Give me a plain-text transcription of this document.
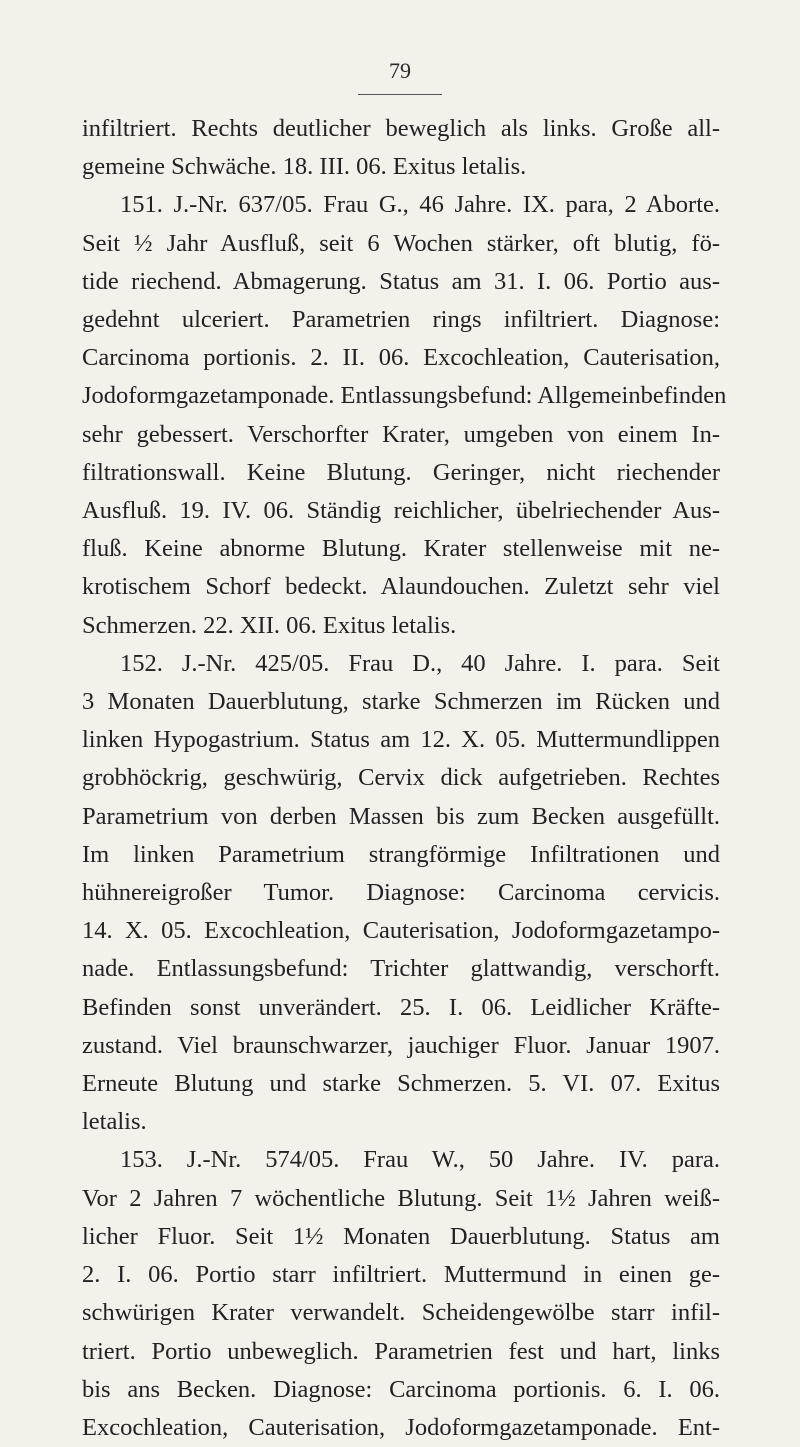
79
infiltriert. Rechts deutlicher beweglich als links. Große all-
gemeine Schwäche. 18. III. 06. Exitus letalis.
151. J.-Nr. 637/05. Frau G., 46 Jahre. IX. para, 2 Aborte.
Seit ½ Jahr Ausfluß, seit 6 Wochen stärker, oft blutig, fö-
tide riechend. Abmagerung. Status am 31. I. 06. Portio aus-
gedehnt ulceriert. Parametrien rings infiltriert. Diagnose:
Carcinoma portionis. 2. II. 06. Excochleation, Cauterisation,
Jodoformgazetamponade. Entlassungsbefund: Allgemeinbefinden
sehr gebessert. Verschorfter Krater, umgeben von einem In-
filtrationswall. Keine Blutung. Geringer, nicht riechender
Ausfluß. 19. IV. 06. Ständig reichlicher, übelriechender Aus-
fluß. Keine abnorme Blutung. Krater stellenweise mit ne-
krotischem Schorf bedeckt. Alaundouchen. Zuletzt sehr viel
Schmerzen. 22. XII. 06. Exitus letalis.
152. J.-Nr. 425/05. Frau D., 40 Jahre. I. para. Seit
3 Monaten Dauerblutung, starke Schmerzen im Rücken und
linken Hypogastrium. Status am 12. X. 05. Muttermundlippen
grobhöckrig, geschwürig, Cervix dick aufgetrieben. Rechtes
Parametrium von derben Massen bis zum Becken ausgefüllt.
Im linken Parametrium strangförmige Infiltrationen und
hühnereigroßer Tumor. Diagnose: Carcinoma cervicis.
14. X. 05. Excochleation, Cauterisation, Jodoformgazetampo-
nade. Entlassungsbefund: Trichter glattwandig, verschorft.
Befinden sonst unverändert. 25. I. 06. Leidlicher Kräfte-
zustand. Viel braunschwarzer, jauchiger Fluor. Januar 1907.
Erneute Blutung und starke Schmerzen. 5. VI. 07. Exitus
letalis.
153. J.-Nr. 574/05. Frau W., 50 Jahre. IV. para.
Vor 2 Jahren 7 wöchentliche Blutung. Seit 1½ Jahren weiß-
licher Fluor. Seit 1½ Monaten Dauerblutung. Status am
2. I. 06. Portio starr infiltriert. Muttermund in einen ge-
schwürigen Krater verwandelt. Scheidengewölbe starr infil-
triert. Portio unbeweglich. Parametrien fest und hart, links
bis ans Becken. Diagnose: Carcinoma portionis. 6. I. 06.
Excochleation, Cauterisation, Jodoformgazetamponade. Ent-
